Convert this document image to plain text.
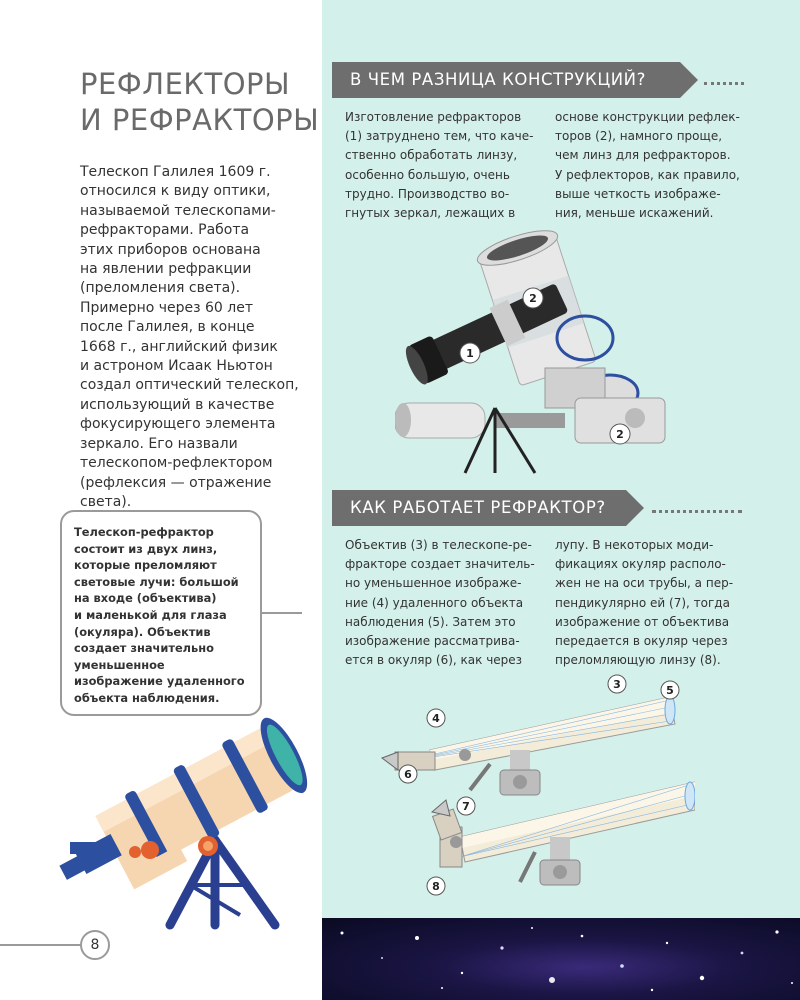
РЕФЛЕКТОРЫ
И РЕФРАКТОРЫ
Телескоп Галилея 1609 г.
относился к виду оптики,
называемой телескопами-
рефракторами. Работа
этих приборов основана
на явлении рефракции
(преломления света).
Примерно через 60 лет
после Галилея, в конце
1668 г., английский физик
и астроном Исаак Ньютон
создал оптический телескоп,
использующий в качестве
фокусирующего элемента
зеркало. Его назвали
телескопом-рефлектором
(рефлексия — отражение
света).
Телескоп-рефрактор
состоит из двух линз,
которые преломляют
световые лучи: большой
на входе (объектива)
и маленькой для глаза
(окуляра). Объектив
создает значительно
уменьшенное
изображение удаленного
объекта наблюдения.
8
В ЧЕМ РАЗНИЦА КОНСТРУКЦИЙ?
Изготовление рефракторов
(1) затруднено тем, что каче-
ственно обработать линзу,
особенно большую, очень
трудно. Производство во-
гнутых зеркал, лежащих в
основе конструкции рефлек-
торов (2), намного проще,
чем линз для рефракторов.
У рефлекторов, как правило,
выше четкость изображе-
ния, меньше искажений.
2
1
2
КАК РАБОТАЕТ РЕФРАКТОР?
Объектив (3) в телескопе-ре-
фракторе создает значитель-
но уменьшенное изображе-
ние (4) удаленного объекта
наблюдения (5). Затем это
изображение рассматрива-
ется в окуляр (6), как через
лупу. В некоторых моди-
фикациях окуляр располо-
жен не на оси трубы, а пер-
пендикулярно ей (7), тогда
изображение от объектива
передается в окуляр через
преломляющую линзу (8).
3
4
5
6
7
8
